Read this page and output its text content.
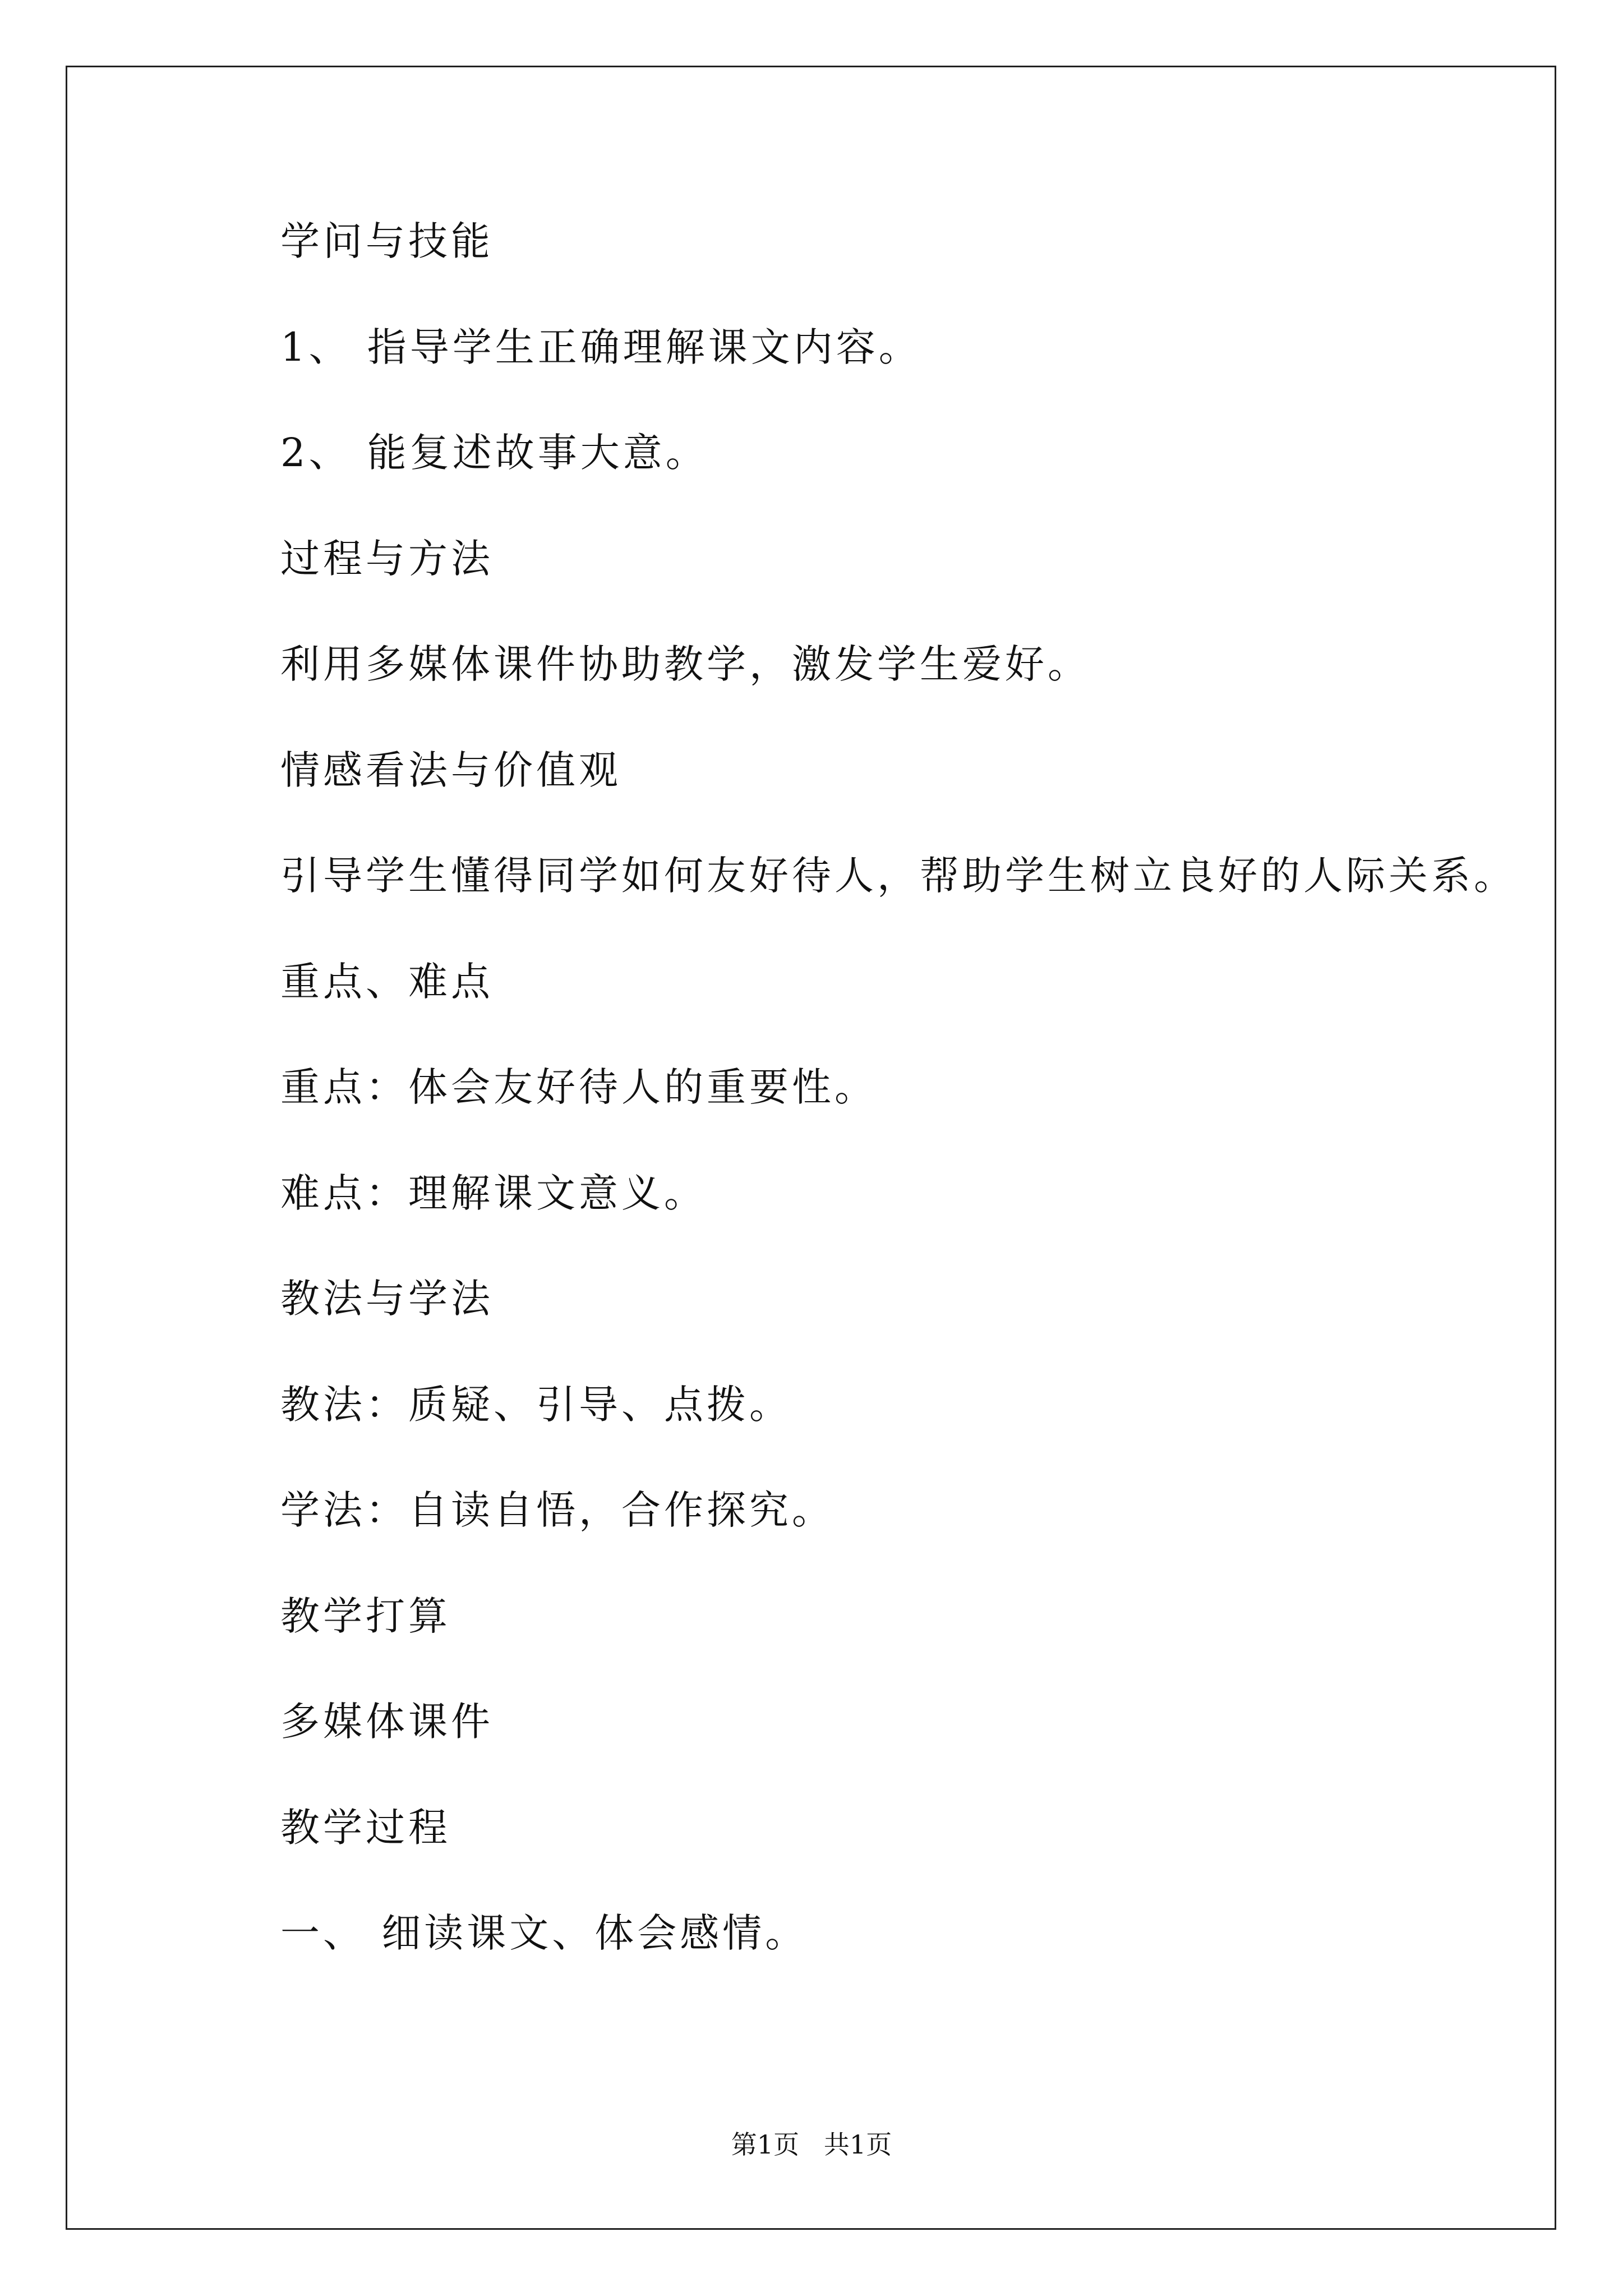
学问与技能
1、 指导学生正确理解课文内容。
2、 能复述故事大意。
过程与方法
利用多媒体课件协助教学，激发学生爱好。
情感看法与价值观
引导学生懂得同学如何友好待人，帮助学生树立良好的人际关系。
重点、难点
重点：体会友好待人的重要性。
难点：理解课文意义。
教法与学法
教法：质疑、引导、点拨。
学法：自读自悟，合作探究。
教学打算
多媒体课件
教学过程
一、 细读课文、体会感情。
第1页   共1页
